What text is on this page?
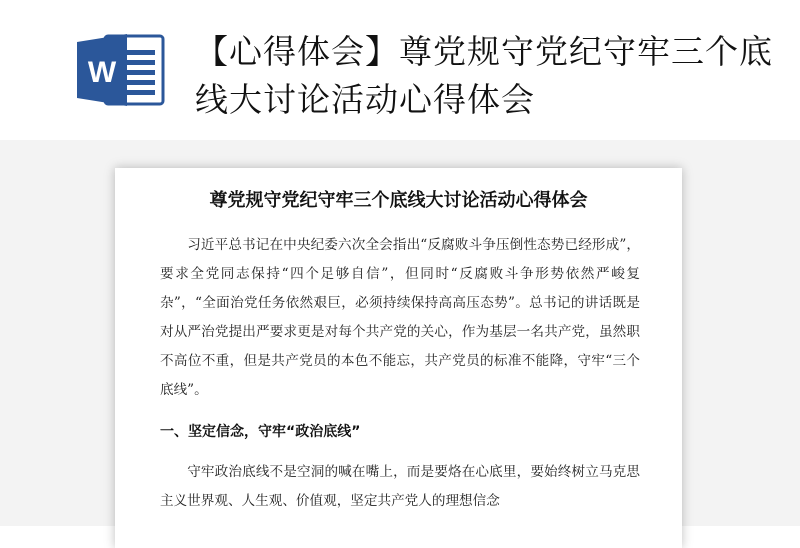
W
【心得体会】尊党规守党纪守牢三个底线大讨论活动心得体会
尊党规守党纪守牢三个底线大讨论活动心得体会
习近平总书记在中央纪委六次全会指出“反腐败斗争压倒性态势已经形成”，要求全党同志保持“四个足够自信”，但同时“反腐败斗争形势依然严峻复杂”，“全面治党任务依然艰巨，必须持续保持高高压态势”。总书记的讲话既是对从严治党提出严要求更是对每个共产党的关心，作为基层一名共产党，虽然职不高位不重，但是共产党员的本色不能忘，共产党员的标准不能降，守牢“三个底线”。
一、坚定信念，守牢“政治底线”
守牢政治底线不是空洞的喊在嘴上，而是要烙在心底里，要始终树立马克思主义世界观、人生观、价值观，坚定共产党人的理想信念
